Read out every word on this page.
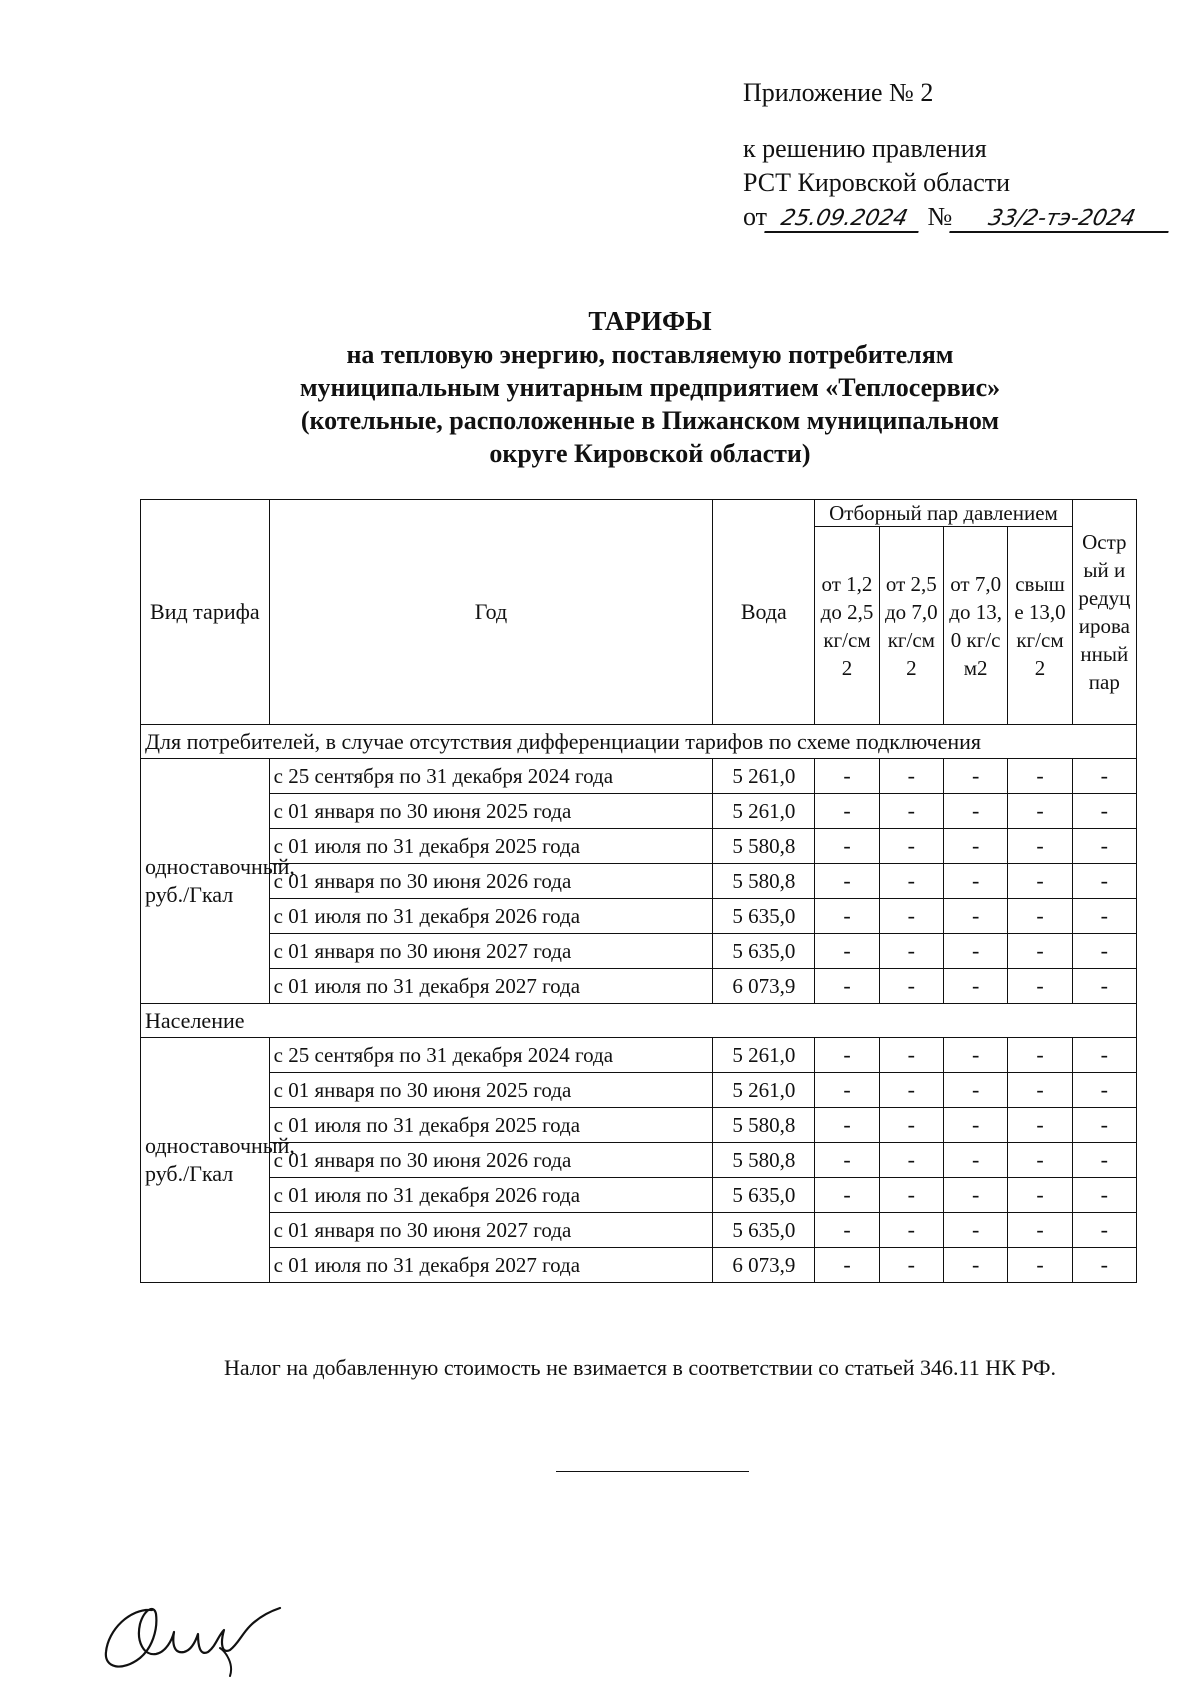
Приложение № 2
к решению правления
РСТ Кировской области
от 25.09.2024 № 33/2-тэ-2024
ТАРИФЫ
на тепловую энергию, поставляемую потребителям
муниципальным унитарным предприятием «Теплосервис»
(котельные, расположенные в Пижанском муниципальном
округе Кировской области)
Вид тарифа	Год	Вода	Отборный пар давлением				Острый и редуцированный пар
			от 1,2 до 2,5 кг/см2	от 2,5 до 7,0 кг/см2	от 7,0 до 13,0 кг/см2	свыше 13,0 кг/см2	
Для потребителей, в случае отсутствия дифференциации тарифов по схеме подключения							
одноставочный, руб./Гкал	с 25 сентября по 31 декабря 2024 года	5 261,0	-	-	-	-	-
	с 01 января по 30 июня 2025 года	5 261,0	-	-	-	-	-
	с 01 июля по 31 декабря 2025 года	5 580,8	-	-	-	-	-
	с 01 января по 30 июня 2026 года	5 580,8	-	-	-	-	-
	с 01 июля по 31 декабря 2026 года	5 635,0	-	-	-	-	-
	с 01 января по 30 июня 2027 года	5 635,0	-	-	-	-	-
	с 01 июля по 31 декабря 2027 года	6 073,9	-	-	-	-	-
Население							
одноставочный, руб./Гкал	с 25 сентября по 31 декабря 2024 года	5 261,0	-	-	-	-	-
	с 01 января по 30 июня 2025 года	5 261,0	-	-	-	-	-
	с 01 июля по 31 декабря 2025 года	5 580,8	-	-	-	-	-
	с 01 января по 30 июня 2026 года	5 580,8	-	-	-	-	-
	с 01 июля по 31 декабря 2026 года	5 635,0	-	-	-	-	-
	с 01 января по 30 июня 2027 года	5 635,0	-	-	-	-	-
	с 01 июля по 31 декабря 2027 года	6 073,9	-	-	-	-	-
Налог на добавленную стоимость не взимается в соответствии со статьей 346.11 НК РФ.
